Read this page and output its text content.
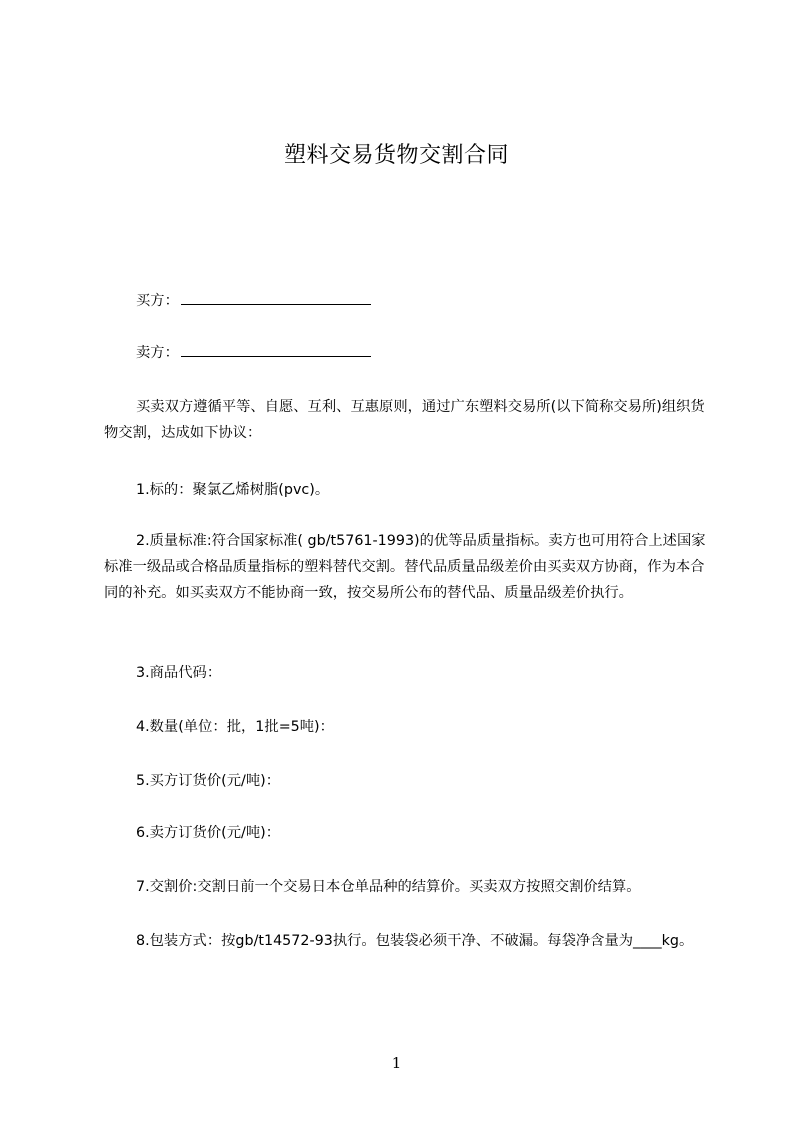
塑料交易货物交割合同

买方：

卖方：

买卖双方遵循平等、自愿、互利、互惠原则，通过广东塑料交易所(以下简称交易所)组织货物交割，达成如下协议：

1.标的：聚氯乙烯树脂(pvc)。

2.质量标准:符合国家标准( gb/t5761-1993)的优等品质量指标。卖方也可用符合上述国家标准一级品或合格品质量指标的塑料替代交割。替代品质量品级差价由买卖双方协商，作为本合同的补充。如买卖双方不能协商一致，按交易所公布的替代品、质量品级差价执行。

3.商品代码：

4.数量(单位：批，1批=5吨)：

5.买方订货价(元/吨)：

6.卖方订货价(元/吨)：

7.交割价:交割日前一个交易日本仓单品种的结算价。买卖双方按照交割价结算。

8.包装方式：按gb/t14572-93执行。包装袋必须干净、不破漏。每袋净含量为____kg。

1
